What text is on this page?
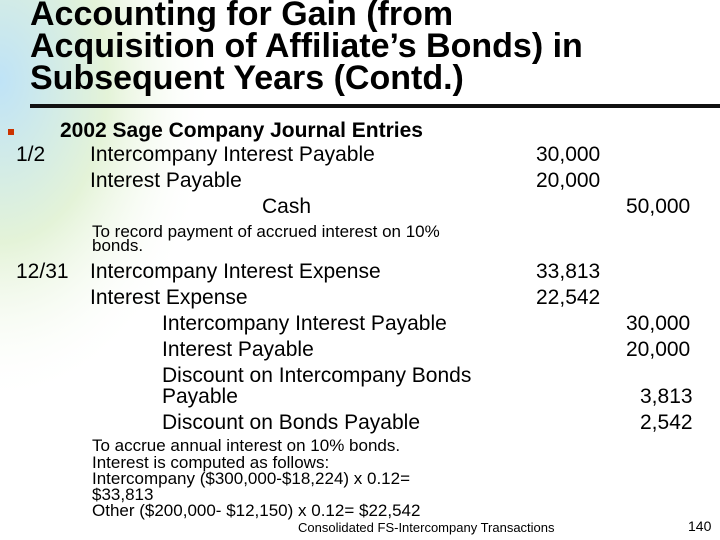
Accounting for Gain (from
Acquisition of Affiliate’s Bonds) in
Subsequent Years (Contd.)
2002 Sage Company Journal Entries
1/2 Intercompany Interest Payable	30,000
Interest Payable	20,000
Cash	50,000
To record payment of accrued interest on 10%
bonds.
12/31 Intercompany Interest Expense	33,813
Interest Expense	22,542
Intercompany Interest Payable	30,000
Interest Payable	20,000
Discount on Intercompany Bonds
Payable	3,813
Discount on Bonds Payable	2,542
To accrue annual interest on 10% bonds.
Interest is computed as follows:
Intercompany ($300,000-$18,224) x 0.12=
$33,813
Other ($200,000- $12,150) x 0.12= $22,542
Consolidated FS-Intercompany Transactions	140
